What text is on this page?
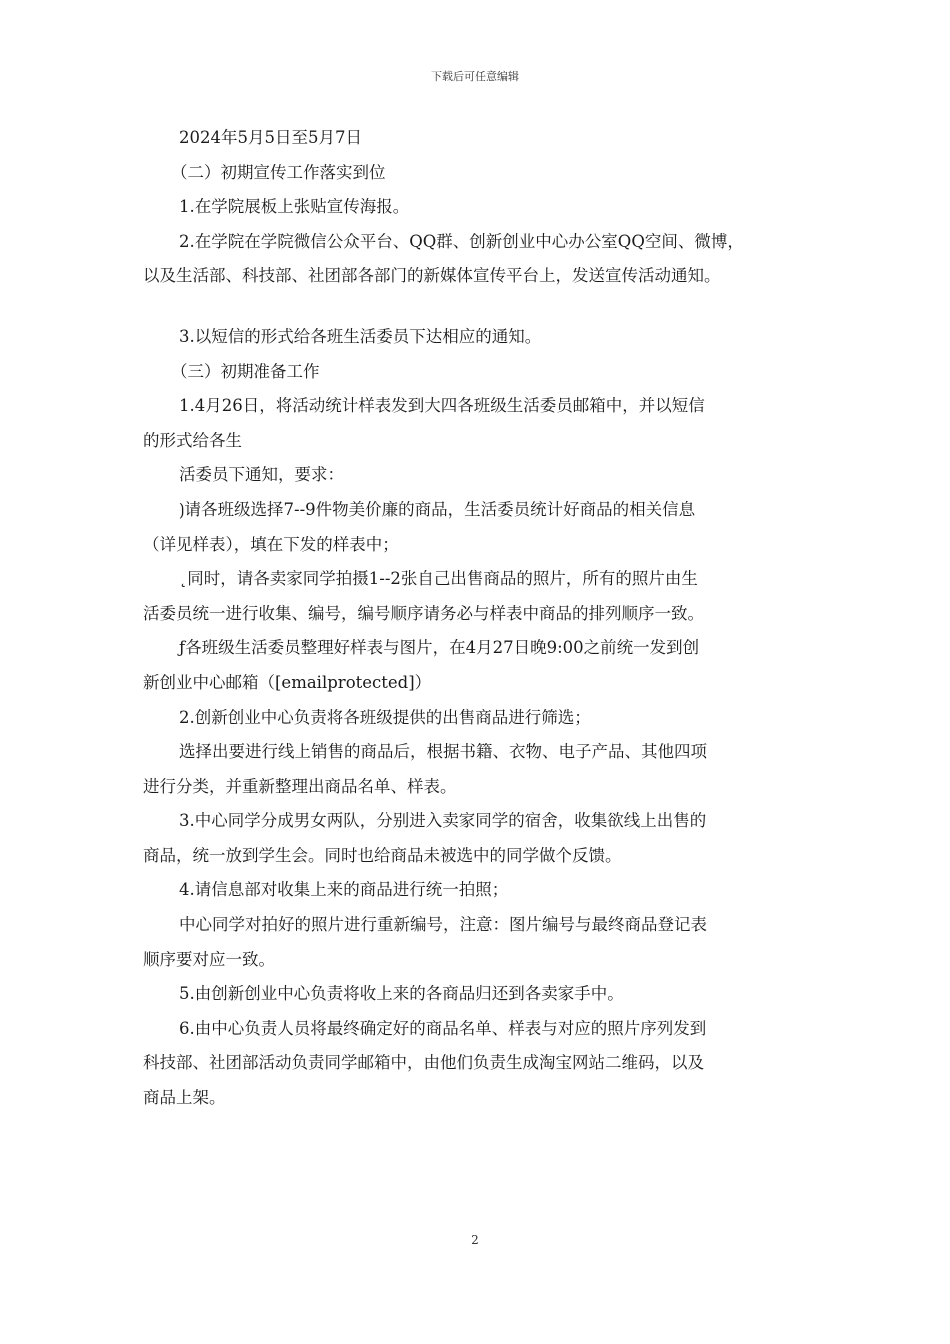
下载后可任意编辑
2024年5月5日至5月7日
（二）初期宣传工作落实到位
1.在学院展板上张贴宣传海报。
2.在学院在学院微信公众平台、QQ群、创新创业中心办公室QQ空间、微博，
以及生活部、科技部、社团部各部门的新媒体宣传平台上，发送宣传活动通知。
3.以短信的形式给各班生活委员下达相应的通知。
（三）初期准备工作
1.4月26日，将活动统计样表发到大四各班级生活委员邮箱中，并以短信
的形式给各生
活委员下通知，要求：
⟯请各班级选择7--9件物美价廉的商品，生活委员统计好商品的相关信息
（详见样表），填在下发的样表中；
˛同时，请各卖家同学拍摄1--2张自己出售商品的照片，所有的照片由生
活委员统一进行收集、编号，编号顺序请务必与样表中商品的排列顺序一致。
ƒ各班级生活委员整理好样表与图片，在4月27日晚9:00之前统一发到创
新创业中心邮箱（[emailprotected]）
2.创新创业中心负责将各班级提供的出售商品进行筛选；
选择出要进行线上销售的商品后，根据书籍、衣物、电子产品、其他四项
进行分类，并重新整理出商品名单、样表。
3.中心同学分成男女两队，分别进入卖家同学的宿舍，收集欲线上出售的
商品，统一放到学生会。同时也给商品未被选中的同学做个反馈。
4.请信息部对收集上来的商品进行统一拍照；
中心同学对拍好的照片进行重新编号，注意：图片编号与最终商品登记表
顺序要对应一致。
5.由创新创业中心负责将收上来的各商品归还到各卖家手中。
6.由中心负责人员将最终确定好的商品名单、样表与对应的照片序列发到
科技部、社团部活动负责同学邮箱中，由他们负责生成淘宝网站二维码，以及
商品上架。
2
